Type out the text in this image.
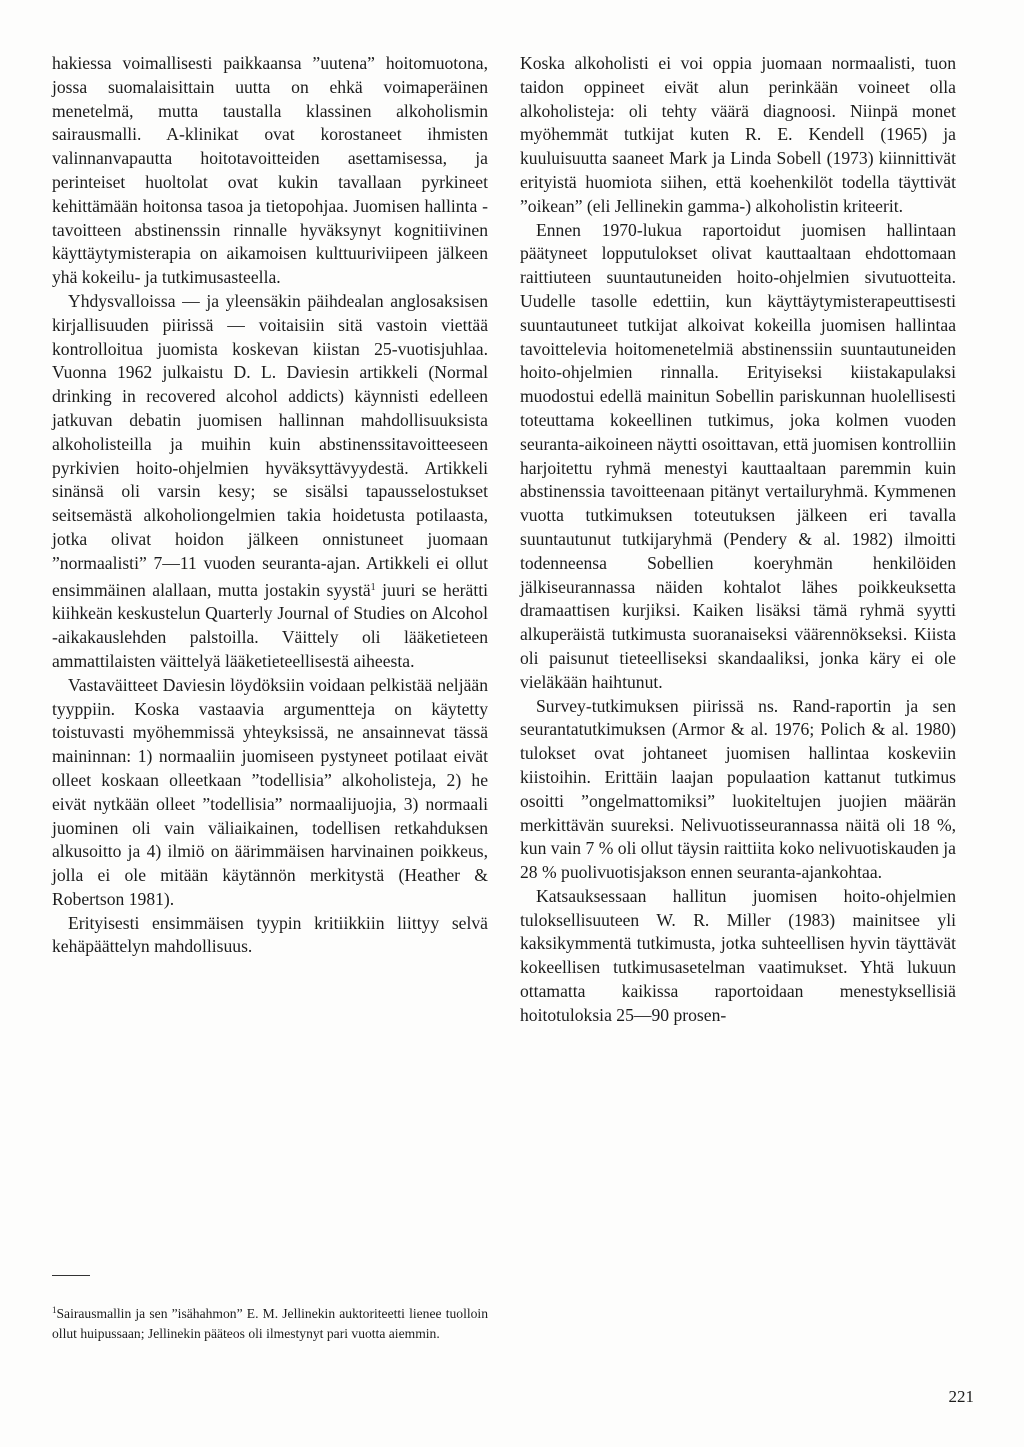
hakiessa voimallisesti paikkaansa ”uutena” hoitomuotona, jossa suomalaisittain uutta on ehkä voimaperäinen menetelmä, mutta taustalla klassinen alkoholismin sairausmalli. A-klinikat ovat korostaneet ihmisten valinnanvapautta hoitotavoitteiden asettamisessa, ja perinteiset huoltolat ovat kukin tavallaan pyrkineet kehittämään hoitonsa tasoa ja tietopohjaa. Juomisen hallinta -tavoitteen abstinenssin rinnalle hyväksynyt kognitiivinen käyttäytymisterapia on aikamoisen kulttuuriviipeen jälkeen yhä kokeilu- ja tutkimusasteella.

Yhdysvalloissa — ja yleensäkin päihdealan anglosaksisen kirjallisuuden piirissä — voitaisiin sitä vastoin viettää kontrolloitua juomista koskevan kiistan 25-vuotisjuhlaa. Vuonna 1962 julkaistu D. L. Daviesin artikkeli (Normal drinking in recovered alcohol addicts) käynnisti edelleen jatkuvan debatin juomisen hallinnan mahdollisuuksista alkoholisteilla ja muihin kuin abstinenssitavoitteeseen pyrkivien hoito-ohjelmien hyväksyttävyydestä. Artikkeli sinänsä oli varsin kesy; se sisälsi tapausselostukset seitsemästä alkoholiongelmien takia hoidetusta potilaasta, jotka olivat hoidon jälkeen onnistuneet juomaan ”normaalisti” 7—11 vuoden seuranta-ajan. Artikkeli ei ollut ensimmäinen alallaan, mutta jostakin syystä$^1$ juuri se herätti kiihkeän keskustelun Quarterly Journal of Studies on Alcohol -aikakauslehden palstoilla. Väittely oli lääketieteen ammattilaisten väittelyä lääketieteellisestä aiheesta.

Vastaväitteet Daviesin löydöksiin voidaan pelkistää neljään tyyppiin. Koska vastaavia argumentteja on käytetty toistuvasti myöhemmissä yhteyksissä, ne ansainnevat tässä maininnan: 1) normaaliin juomiseen pystyneet potilaat eivät olleet koskaan olleetkaan ”todellisia” alkoholisteja, 2) he eivät nytkään olleet ”todellisia” normaalijuojia, 3) normaali juominen oli vain väliaikainen, todellisen retkahduksen alkusoitto ja 4) ilmiö on äärimmäisen harvinainen poikkeus, jolla ei ole mitään käytännön merkitystä (Heather & Robertson 1981).

Erityisesti ensimmäisen tyypin kritiikkiin liittyy selvä kehäpäättelyn mahdollisuus.

$^1$Sairausmallin ja sen ”isähahmon” E. M. Jellinekin auktoriteetti lienee tuolloin ollut huipussaan; Jellinekin pääteos oli ilmestynyt pari vuotta aiemmin.

Koska alkoholisti ei voi oppia juomaan normaalisti, tuon taidon oppineet eivät alun perinkään voineet olla alkoholisteja: oli tehty väärä diagnoosi. Niinpä monet myöhemmät tutkijat kuten R. E. Kendell (1965) ja kuuluisuutta saaneet Mark ja Linda Sobell (1973) kiinnittivät erityistä huomiota siihen, että koehenkilöt todella täyttivät ”oikean” (eli Jellinekin gamma-) alkoholistin kriteerit.

Ennen 1970-lukua raportoidut juomisen hallintaan päätyneet lopputulokset olivat kauttaaltaan ehdottomaan raittiuteen suuntautuneiden hoito-ohjelmien sivutuotteita. Uudelle tasolle edettiin, kun käyttäytymisterapeuttisesti suuntautuneet tutkijat alkoivat kokeilla juomisen hallintaa tavoittelevia hoitomenetelmiä abstinenssiin suuntautuneiden hoito-ohjelmien rinnalla. Erityiseksi kiistakapulaksi muodostui edellä mainitun Sobellin pariskunnan huolellisesti toteuttama kokeellinen tutkimus, joka kolmen vuoden seuranta-aikoineen näytti osoittavan, että juomisen kontrolliin harjoitettu ryhmä menestyi kauttaaltaan paremmin kuin abstinenssia tavoitteenaan pitänyt vertailuryhmä. Kymmenen vuotta tutkimuksen toteutuksen jälkeen eri tavalla suuntautunut tutkijaryhmä (Pendery & al. 1982) ilmoitti todenneensa Sobellien koeryhmän henkilöiden jälkiseurannassa näiden kohtalot lähes poikkeuksetta dramaattisen kurjiksi. Kaiken lisäksi tämä ryhmä syytti alkuperäistä tutkimusta suoranaiseksi väärennökseksi. Kiista oli paisunut tieteelliseksi skandaaliksi, jonka käry ei ole vieläkään haihtunut.

Survey-tutkimuksen piirissä ns. Rand-raportin ja sen seurantatutkimuksen (Armor & al. 1976; Polich & al. 1980) tulokset ovat johtaneet juomisen hallintaa koskeviin kiistoihin. Erittäin laajan populaation kattanut tutkimus osoitti ”ongelmattomiksi” luokiteltujen juojien määrän merkittävän suureksi. Nelivuotisseurannassa näitä oli 18 %, kun vain 7 % oli ollut täysin raittiita koko nelivuotiskauden ja 28 % puolivuotisjakson ennen seuranta-ajankohtaa.

Katsauksessaan hallitun juomisen hoito-ohjelmien tuloksellisuuteen W. R. Miller (1983) mainitsee yli kaksikymmentä tutkimusta, jotka suhteellisen hyvin täyttävät kokeellisen tutkimusasetelman vaatimukset. Yhtä lukuun ottamatta kaikissa raportoidaan menestyksellisiä hoitotuloksia 25—90 prosen-

221
